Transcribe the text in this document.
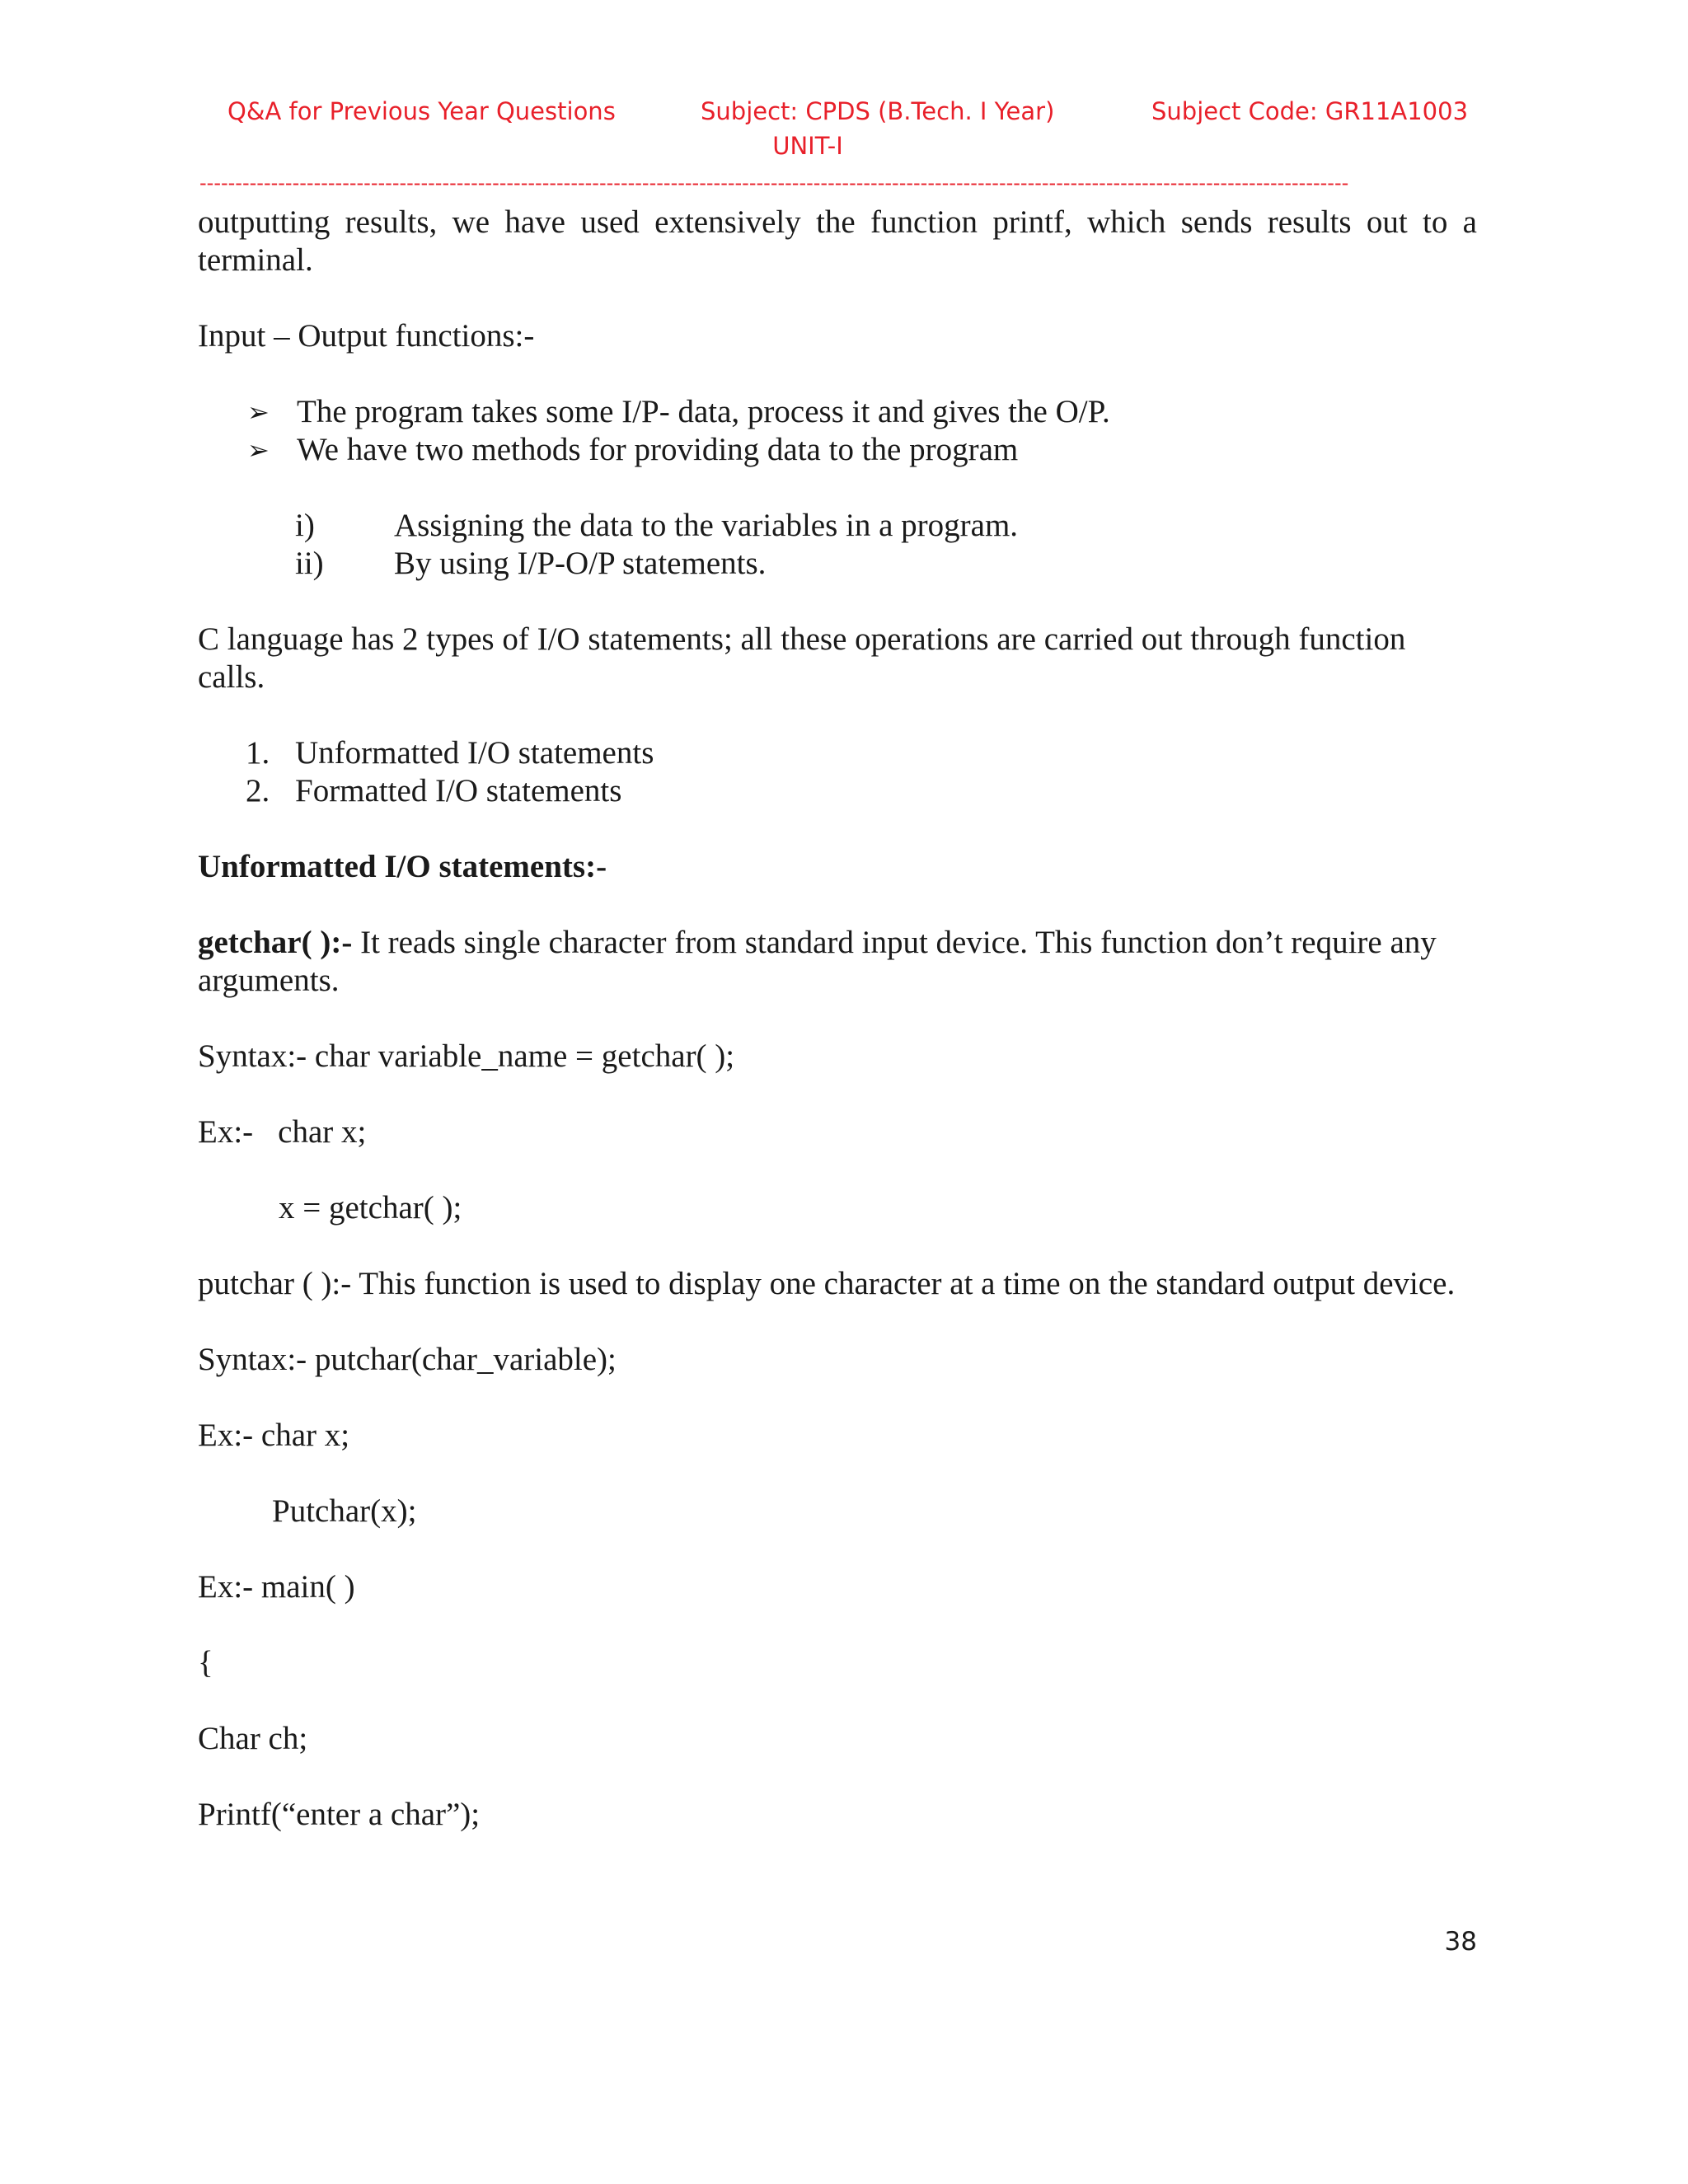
Q&A for Previous Year Questions	Subject: CPDS (B.Tech. I Year)	Subject Code: GR11A1003
UNIT-I
-----------------------------------------------------------------------------------------------------------------------------------------------------------------

outputting results, we have used extensively the function printf, which sends results out to a terminal.

Input – Output functions:-

➢ The program takes some I/P- data, process it and gives the O/P.
➢ We have two methods for providing data to the program
i) Assigning the data to the variables in a program.
ii) By using I/P-O/P statements.

C language has 2 types of I/O statements; all these operations are carried out through function calls.

1. Unformatted I/O statements
2. Formatted I/O statements

Unformatted I/O statements:-

getchar( ):- It reads single character from standard input device. This function don’t require any arguments.

Syntax:- char variable_name = getchar( );

Ex:- char x;

x = getchar( );

putchar ( ):- This function is used to display one character at a time on the standard output device.

Syntax:- putchar(char_variable);

Ex:- char x;

Putchar(x);

Ex:- main( )

{

Char ch;

Printf(“enter a char”);

38
